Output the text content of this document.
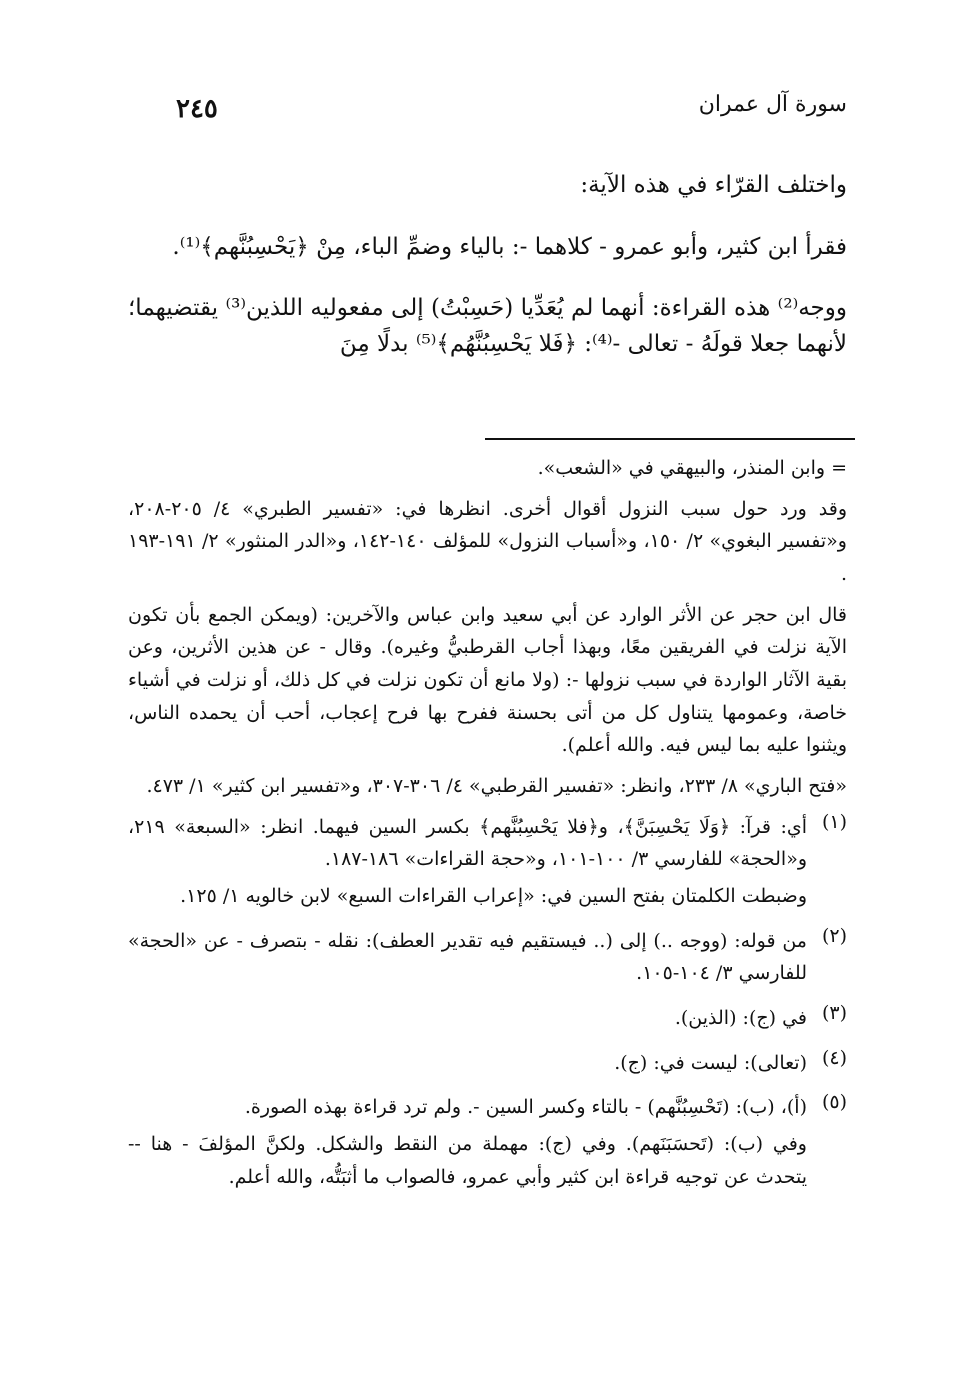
٢٤٥	سورة آل عمران

واختلف القرّاء في هذه الآية:

فقرأ ابن كثير، وأبو عمرو - كلاهما -: بالياء وضمِّ الباء، مِنْ ﴿يَحْسِبُنَّهم﴾⁽¹⁾.

ووجه⁽²⁾ هذه القراءة: أنهما لم يُعَدِّيا (حَسِبْتُ) إلى مفعوليه اللذين⁽³⁾ يقتضيهما؛ لأنهما جعلا قولَهُ - تعالى -⁽⁴⁾: ﴿فَلا يَحْسِبُنَّهُم﴾⁽⁵⁾ بدلًا مِنَ

= وابن المنذر، والبيهقي في «الشعب».

وقد ورد حول سبب النزول أقوال أخرى. انظرها في: «تفسير الطبري» ٤/ ٢٠٥-٢٠٨، و«تفسير البغوي» ٢/ ١٥٠، و«أسباب النزول» للمؤلف ١٤٠-١٤٢، و«الدر المنثور» ٢/ ١٩١-١٩٣ .

قال ابن حجر عن الأثر الوارد عن أبي سعيد وابن عباس والآخرين: (ويمكن الجمع بأن تكون الآية نزلت في الفريقين معًا، وبهذا أجاب القرطبيُّ وغيره). وقال - عن هذين الأثرين، وعن بقية الآثار الواردة في سبب نزولها -: (ولا مانع أن تكون نزلت في كل ذلك، أو نزلت في أشياء خاصة، وعمومها يتناول كل من أتى بحسنة ففرح بها فرح إعجاب، أحب أن يحمده الناس، ويثنوا عليه بما ليس فيه. والله أعلم).

«فتح الباري» ٨/ ٢٣٣، وانظر: «تفسير القرطبي» ٤/ ٣٠٦-٣٠٧، و«تفسير ابن كثير» ١/ ٤٧٣.

(١)

أي: قرآ: ﴿وَلَا يَحْسِبَنَّ﴾، و﴿فلا يَحْسِبُنَّهم﴾ بكسر السين فيهما. انظر: «السبعة» ٢١٩، و«الحجة» للفارسي ٣/ ١٠٠-١٠١، و«حجة القراءات» ١٨٦-١٨٧.

وضبطت الكلمتان بفتح السين في: «إعراب القراءات السبع» لابن خالويه ١/ ١٢٥.

(٢)

من قوله: (ووجه ..) إلى (.. فيستقيم فيه تقدير العطف): نقله - بتصرف - عن «الحجة» للفارسي ٣/ ١٠٤-١٠٥.

(٣)

في (ج): (الذين).

(٤)

(تعالى): ليست في: (ج).

(٥)

(أ)، (ب): (تَحْسِبُنَّهم) - بالتاء وكسر السين -. ولم ترد قراءة بهذه الصورة.

وفي (ب): (تَحسَبَنَهم). وفي (ج): مهملة من النقط والشكل. ولكنَّ المؤلفَ - هنا -- يتحدث عن توجيه قراءة ابن كثير وأبي عمرو، فالصواب ما أثبَتُّه، والله أعلم.
